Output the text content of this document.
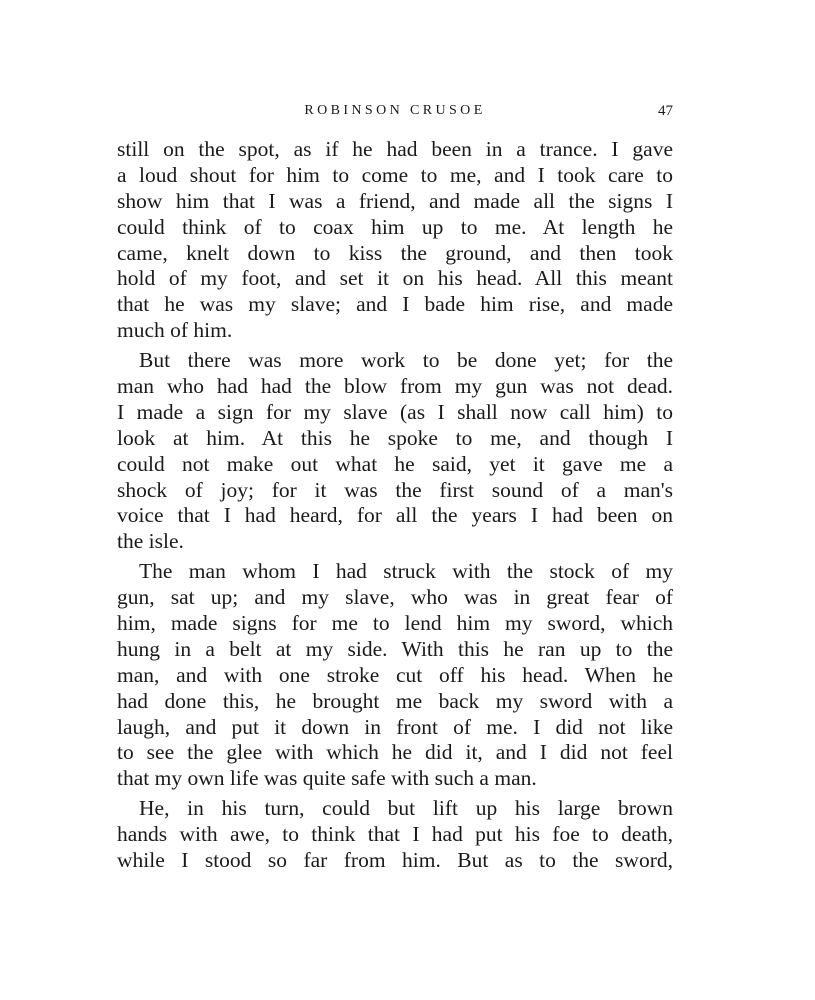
ROBINSON CRUSOE	47
still on the spot, as if he had been in a trance. I gave
a loud shout for him to come to me, and I took care to
show him that I was a friend, and made all the signs I
could think of to coax him up to me. At length he
came, knelt down to kiss the ground, and then took
hold of my foot, and set it on his head. All this meant
that he was my slave; and I bade him rise, and made
much of him.
But there was more work to be done yet; for the
man who had had the blow from my gun was not dead.
I made a sign for my slave (as I shall now call him) to
look at him. At this he spoke to me, and though I
could not make out what he said, yet it gave me a
shock of joy; for it was the first sound of a man's
voice that I had heard, for all the years I had been on
the isle.
The man whom I had struck with the stock of my
gun, sat up; and my slave, who was in great fear of
him, made signs for me to lend him my sword, which
hung in a belt at my side. With this he ran up to the
man, and with one stroke cut off his head. When he
had done this, he brought me back my sword with a
laugh, and put it down in front of me. I did not like
to see the glee with which he did it, and I did not feel
that my own life was quite safe with such a man.
He, in his turn, could but lift up his large brown
hands with awe, to think that I had put his foe to death,
while I stood so far from him. But as to the sword,
